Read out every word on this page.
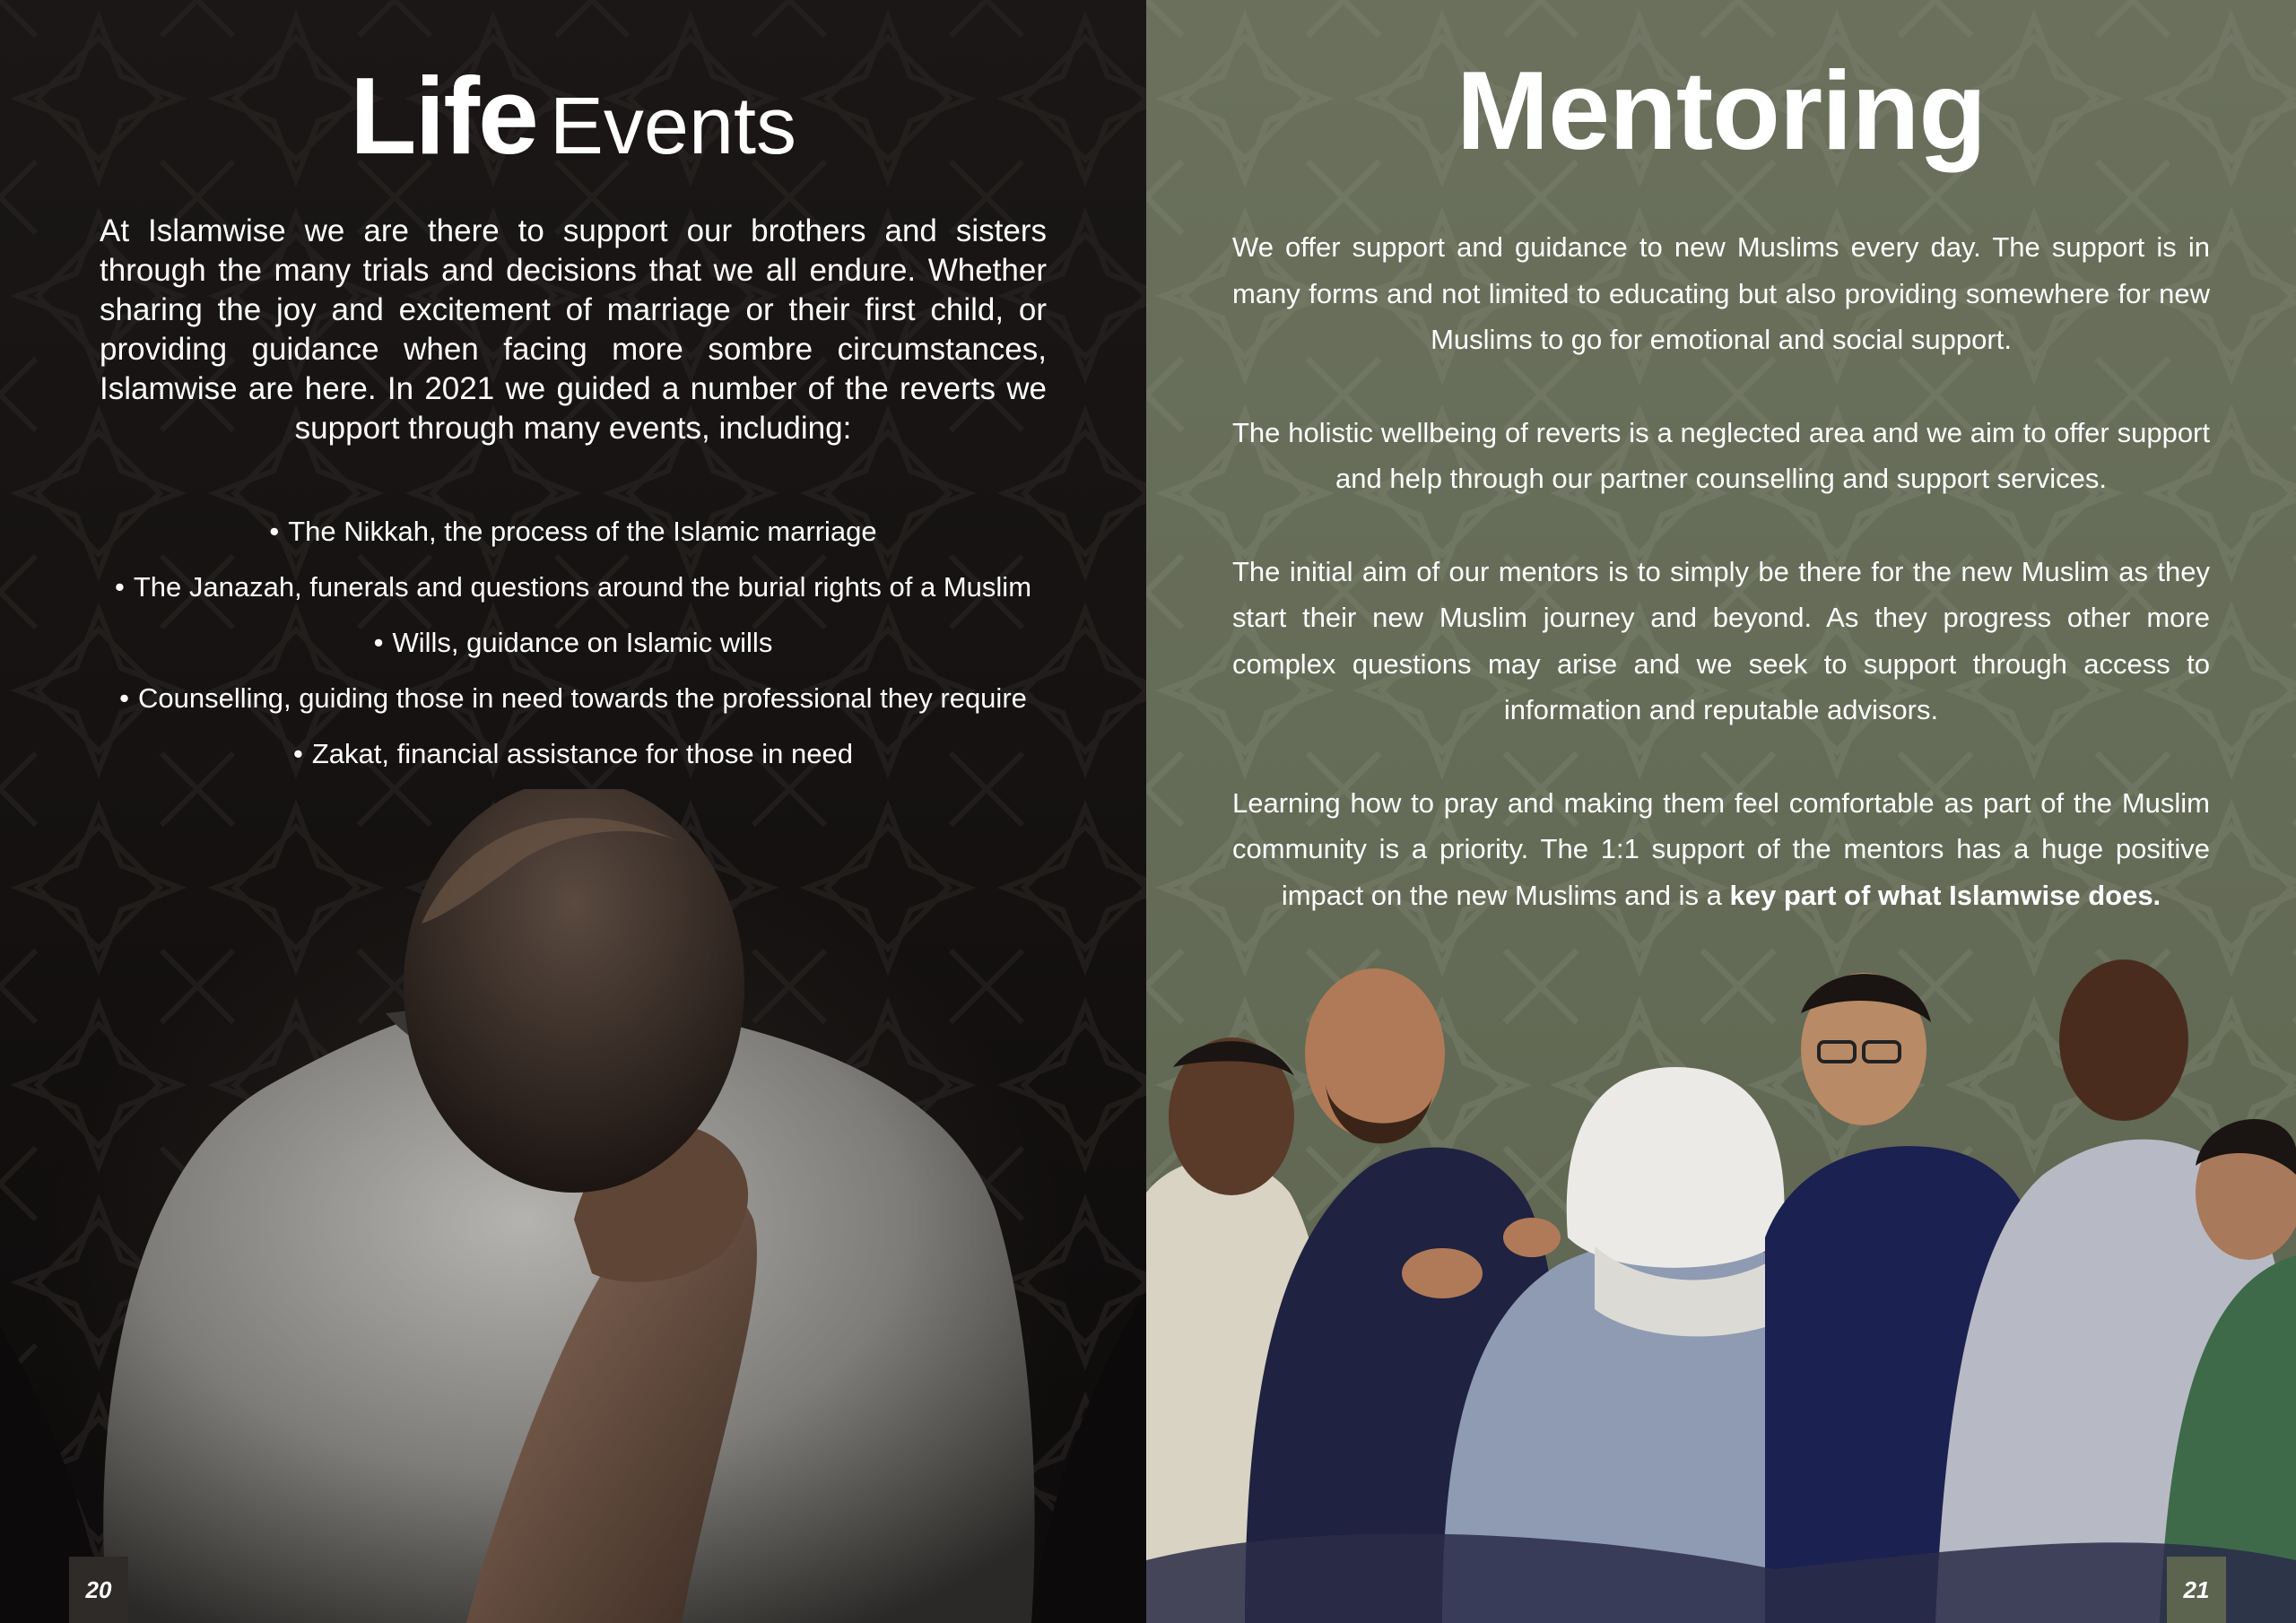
Life Events
At Islamwise we are there to support our brothers and sisters through the many trials and decisions that we all endure. Whether sharing the joy and excitement of marriage or their first child, or providing guidance when facing more sombre circumstances, Islamwise are here. In 2021 we guided a number of the reverts we support through many events, including:
• The Nikkah, the process of the Islamic marriage
• The Janazah, funerals and questions around the burial rights of a Muslim
• Wills, guidance on Islamic wills
• Counselling, guiding those in need towards the professional they require
• Zakat, financial assistance for those in need
20
Mentoring

We offer support and guidance to new Muslims every day. The support is in many forms and not limited to educating but also providing somewhere for new Muslims to go for emotional and social support.

The holistic wellbeing of reverts is a neglected area and we aim to offer support and help through our partner counselling and support services.

The initial aim of our mentors is to simply be there for the new Muslim as they start their new Muslim journey and beyond. As they progress other more complex questions may arise and we seek to support through access to information and reputable advisors.

Learning how to pray and making them feel comfortable as part of the Muslim community is a priority. The 1:1 support of the mentors has a huge positive impact on the new Muslims and is a key part of what Islamwise does.

21
